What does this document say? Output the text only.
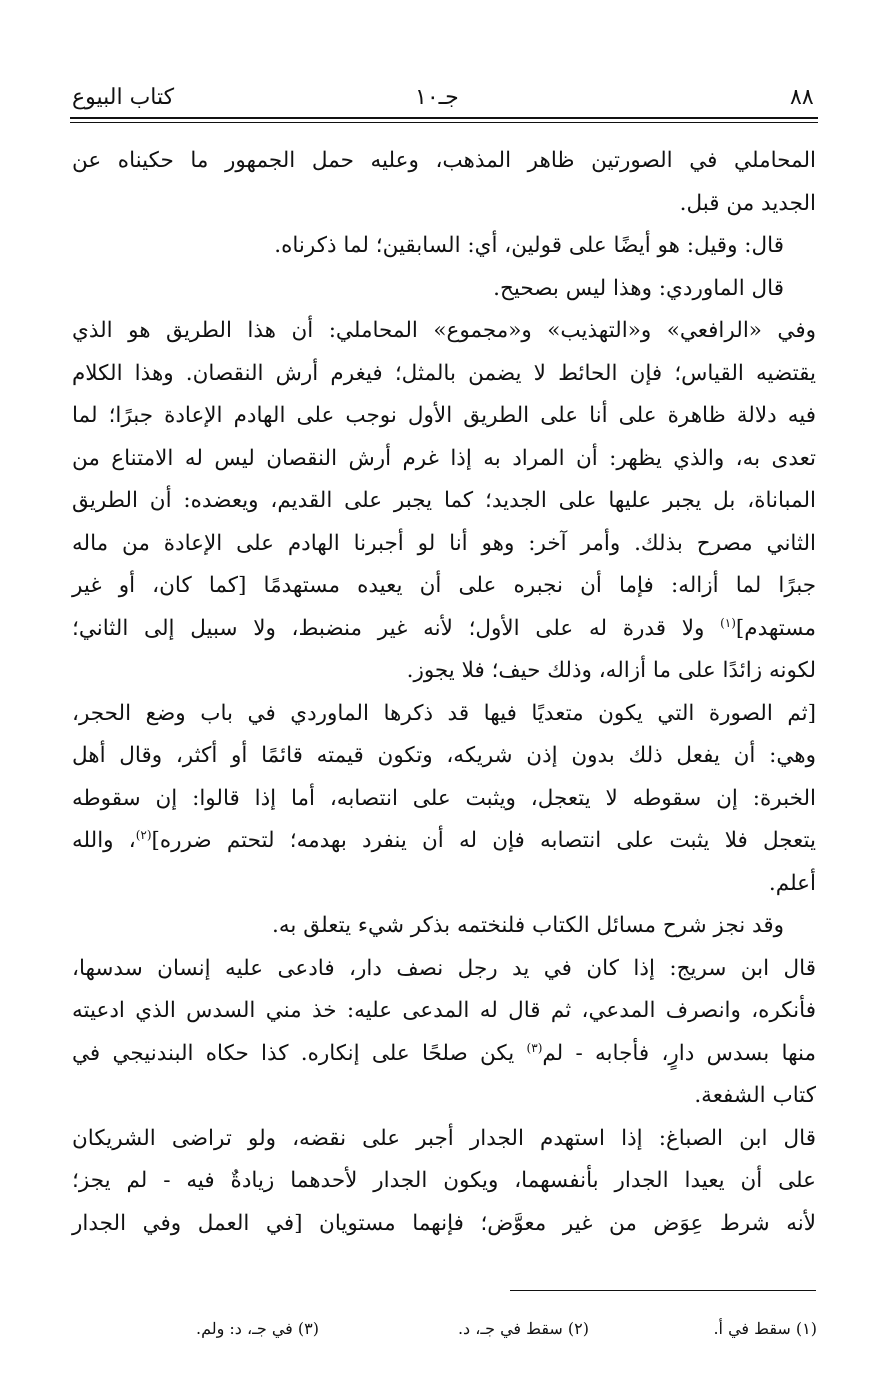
٨٨
جـ١٠
كتاب البيوع
المحاملي في الصورتين ظاهر المذهب، وعليه حمل الجمهور ما حكيناه عن
الجديد من قبل.
قال: وقيل: هو أيضًا على قولين، أي: السابقين؛ لما ذكرناه.
قال الماوردي: وهذا ليس بصحيح.
وفي «الرافعي» و«التهذيب» و«مجموع» المحاملي: أن هذا الطريق هو الذي
يقتضيه القياس؛ فإن الحائط لا يضمن بالمثل؛ فيغرم أرش النقصان. وهذا الكلام
فيه دلالة ظاهرة على أنا على الطريق الأول نوجب على الهادم الإعادة جبرًا؛ لما
تعدى به، والذي يظهر: أن المراد به إذا غرم أرش النقصان ليس له الامتناع من
المباناة، بل يجبر عليها على الجديد؛ كما يجبر على القديم، ويعضده: أن الطريق
الثاني مصرح بذلك. وأمر آخر: وهو أنا لو أجبرنا الهادم على الإعادة من ماله
جبرًا لما أزاله: فإما أن نجبره على أن يعيده مستهدمًا [كما كان، أو غير
مستهدم]$^{(١)}$ ولا قدرة له على الأول؛ لأنه غير منضبط، ولا سبيل إلى الثاني؛
لكونه زائدًا على ما أزاله، وذلك حيف؛ فلا يجوز.
[ثم الصورة التي يكون متعديًا فيها قد ذكرها الماوردي في باب وضع الحجر،
وهي: أن يفعل ذلك بدون إذن شريكه، وتكون قيمته قائمًا أو أكثر، وقال أهل
الخبرة: إن سقوطه لا يتعجل، ويثبت على انتصابه، أما إذا قالوا: إن سقوطه
يتعجل فلا يثبت على انتصابه فإن له أن ينفرد بهدمه؛ لتحتم ضرره]$^{(٢)}$، والله
أعلم.
وقد نجز شرح مسائل الكتاب فلنختمه بذكر شيء يتعلق به.
قال ابن سريج: إذا كان في يد رجل نصف دار، فادعى عليه إنسان سدسها،
فأنكره، وانصرف المدعي، ثم قال له المدعى عليه: خذ مني السدس الذي ادعيته
منها بسدس دارٍ، فأجابه - لم$^{(٣)}$ يكن صلحًا على إنكاره. كذا حكاه البندنيجي في
كتاب الشفعة.
قال ابن الصباغ: إذا استهدم الجدار أجبر على نقضه، ولو تراضى الشريكان
على أن يعيدا الجدار بأنفسهما، ويكون الجدار لأحدهما زيادةٌ فيه - لم يجز؛
لأنه شرط عِوَض من غير معوَّض؛ فإنهما مستويان [في العمل وفي الجدار
(١) سقط في أ.
(٢) سقط في جـ، د.
(٣) في جـ، د: ولم.
